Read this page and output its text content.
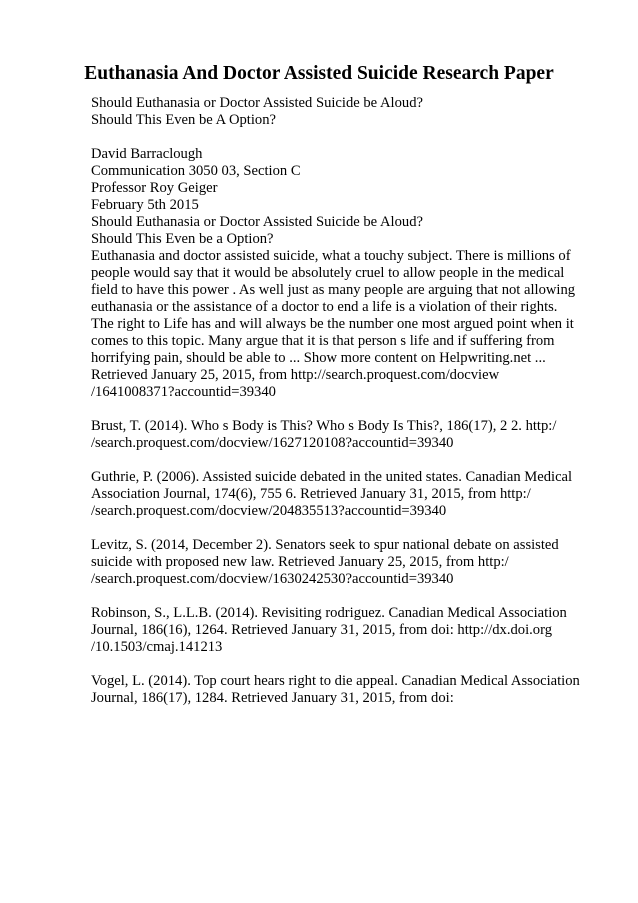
Euthanasia And Doctor Assisted Suicide Research Paper
Should Euthanasia or Doctor Assisted Suicide be Aloud?
Should This Even be A Option?
David Barraclough
Communication 3050 03, Section C
Professor Roy Geiger
February 5th 2015
Should Euthanasia or Doctor Assisted Suicide be Aloud?
Should This Even be a Option?
Euthanasia and doctor assisted suicide, what a touchy subject. There is millions of
people would say that it would be absolutely cruel to allow people in the medical
field to have this power . As well just as many people are arguing that not allowing
euthanasia or the assistance of a doctor to end a life is a violation of their rights.
The right to Life has and will always be the number one most argued point when it
comes to this topic. Many argue that it is that person s life and if suffering from
horrifying pain, should be able to ... Show more content on Helpwriting.net ...
Retrieved January 25, 2015, from http://search.proquest.com/docview
/1641008371?accountid=39340
Brust, T. (2014). Who s Body is This? Who s Body Is This?, 186(17), 2 2. http:/
/search.proquest.com/docview/1627120108?accountid=39340
Guthrie, P. (2006). Assisted suicide debated in the united states. Canadian Medical
Association Journal, 174(6), 755 6. Retrieved January 31, 2015, from http:/
/search.proquest.com/docview/204835513?accountid=39340
Levitz, S. (2014, December 2). Senators seek to spur national debate on assisted
suicide with proposed new law. Retrieved January 25, 2015, from http:/
/search.proquest.com/docview/1630242530?accountid=39340
Robinson, S., L.L.B. (2014). Revisiting rodriguez. Canadian Medical Association
Journal, 186(16), 1264. Retrieved January 31, 2015, from doi: http://dx.doi.org
/10.1503/cmaj.141213
Vogel, L. (2014). Top court hears right to die appeal. Canadian Medical Association
Journal, 186(17), 1284. Retrieved January 31, 2015, from doi:
